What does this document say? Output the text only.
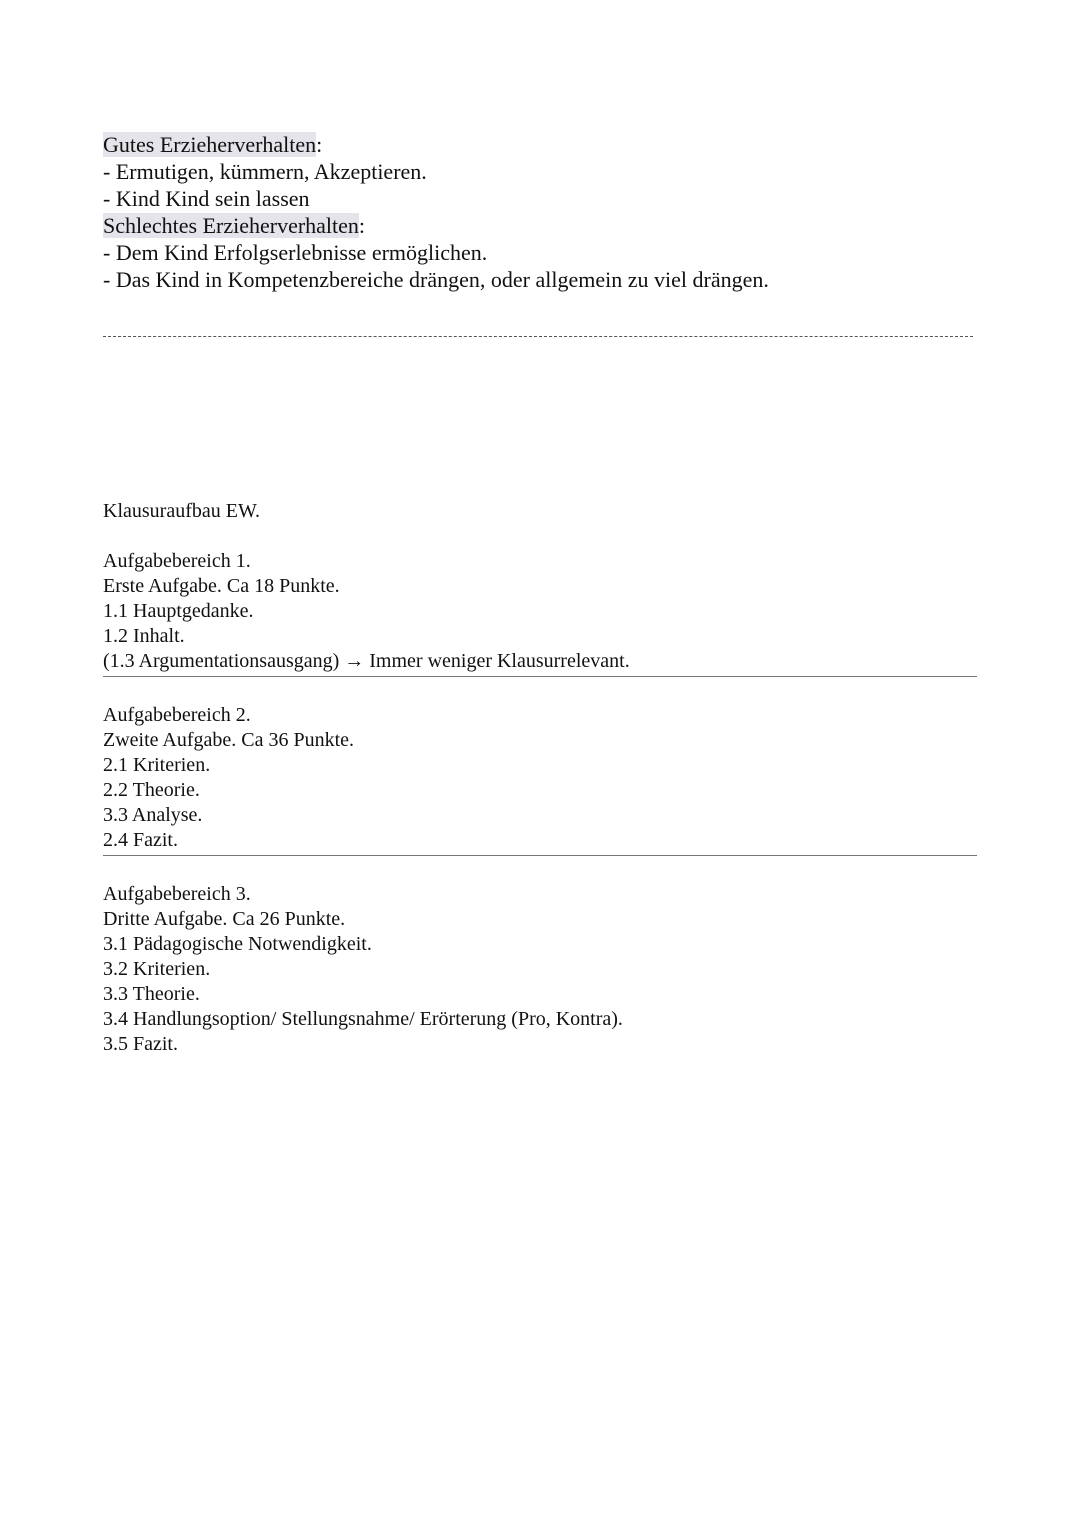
Gutes Erzieherverhalten:
- Ermutigen, kümmern, Akzeptieren.
- Kind Kind sein lassen
Schlechtes Erzieherverhalten:
- Dem Kind Erfolgserlebnisse ermöglichen.
- Das Kind in Kompetenzbereiche drängen, oder allgemein zu viel drängen.
Klausuraufbau EW.
Aufgabebereich 1.
Erste Aufgabe. Ca 18 Punkte.
1.1 Hauptgedanke.
1.2 Inhalt.
(1.3 Argumentationsausgang) → Immer weniger Klausurrelevant.
Aufgabebereich 2.
Zweite Aufgabe. Ca 36 Punkte.
2.1 Kriterien.
2.2 Theorie.
3.3 Analyse.
2.4 Fazit.
Aufgabebereich 3.
Dritte Aufgabe. Ca 26 Punkte.
3.1 Pädagogische Notwendigkeit.
3.2 Kriterien.
3.3 Theorie.
3.4 Handlungsoption/ Stellungsnahme/ Erörterung (Pro, Kontra).
3.5 Fazit.
